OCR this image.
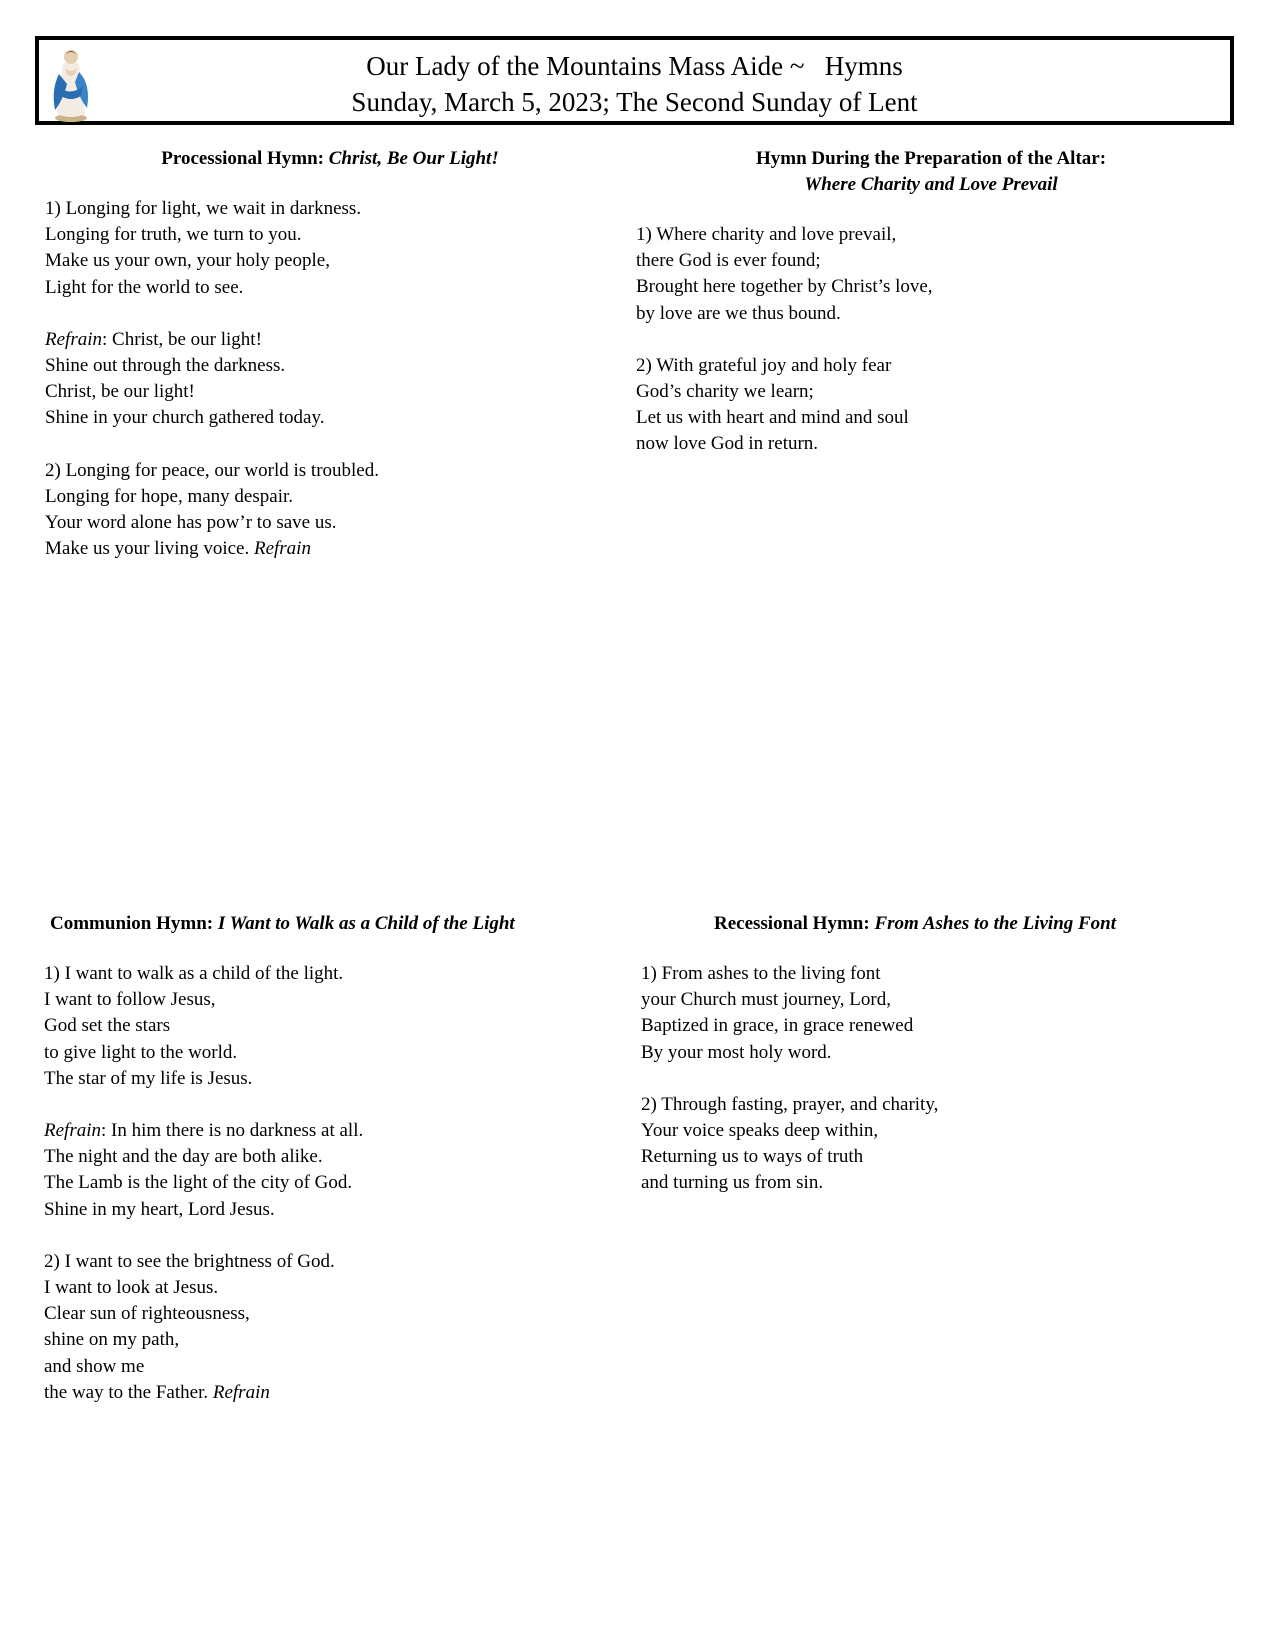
Our Lady of the Mountains Mass Aide ~   Hymns
Sunday, March 5, 2023; The Second Sunday of Lent
Processional Hymn: Christ, Be Our Light!
1) Longing for light, we wait in darkness.
Longing for truth, we turn to you.
Make us your own, your holy people,
Light for the world to see.
Refrain: Christ, be our light!
Shine out through the darkness.
Christ, be our light!
Shine in your church gathered today.
2) Longing for peace, our world is troubled.
Longing for hope, many despair.
Your word alone has pow’r to save us.
Make us your living voice. Refrain
Hymn During the Preparation of the Altar:
Where Charity and Love Prevail
1) Where charity and love prevail,
there God is ever found;
Brought here together by Christ’s love,
by love are we thus bound.
2) With grateful joy and holy fear
God’s charity we learn;
Let us with heart and mind and soul
now love God in return.
Communion Hymn: I Want to Walk as a Child of the Light
1) I want to walk as a child of the light.
I want to follow Jesus,
God set the stars
to give light to the world.
The star of my life is Jesus.
Refrain: In him there is no darkness at all.
The night and the day are both alike.
The Lamb is the light of the city of God.
Shine in my heart, Lord Jesus.
2) I want to see the brightness of God.
I want to look at Jesus.
Clear sun of righteousness,
shine on my path,
and show me
the way to the Father. Refrain
Recessional Hymn: From Ashes to the Living Font
1) From ashes to the living font
your Church must journey, Lord,
Baptized in grace, in grace renewed
By your most holy word.
2) Through fasting, prayer, and charity,
Your voice speaks deep within,
Returning us to ways of truth
and turning us from sin.
